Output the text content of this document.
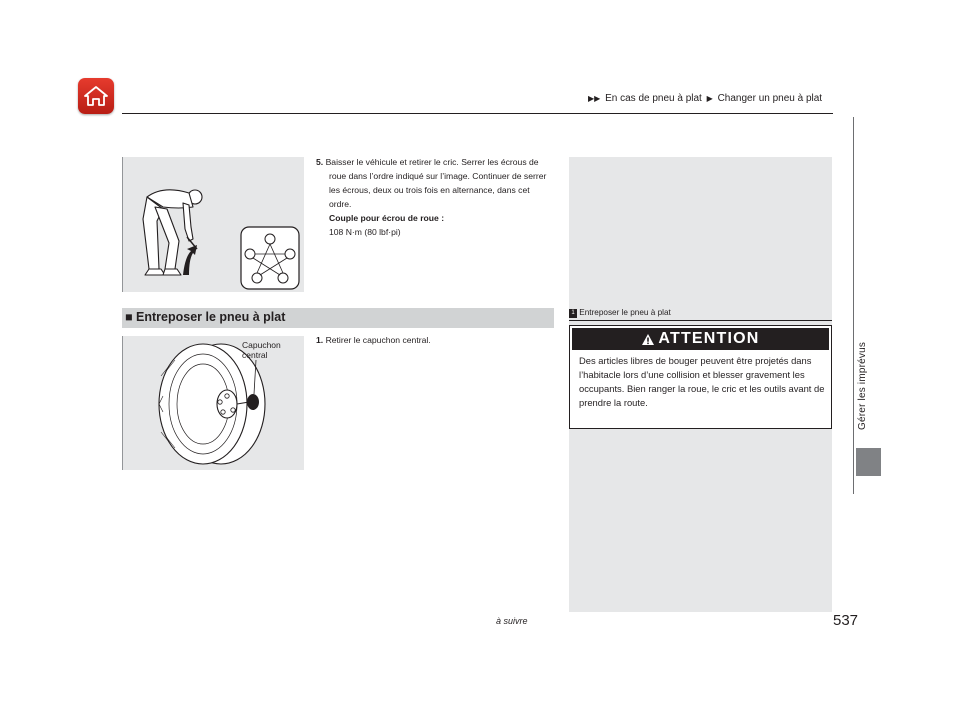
▶▶ En cas de pneu à plat ▶ Changer un pneu à plat
Gérer les imprévus
5. Baisser le véhicule et retirer le cric. Serrer les écrous de roue dans l’ordre indiqué sur l’image. Continuer de serrer les écrous, deux ou trois fois en alternance, dans cet ordre.
Couple pour écrou de roue :
108 N·m (80 lbf·pi)
■ Entreposer le pneu à plat
Capuchon
central
1. Retirer le capuchon central.
1 Entreposer le pneu à plat
ATTENTION
Des articles libres de bouger peuvent être projetés dans l’habitacle lors d’une collision et blesser gravement les occupants. Bien ranger la roue, le cric et les outils avant de prendre la route.
à suivre	537
